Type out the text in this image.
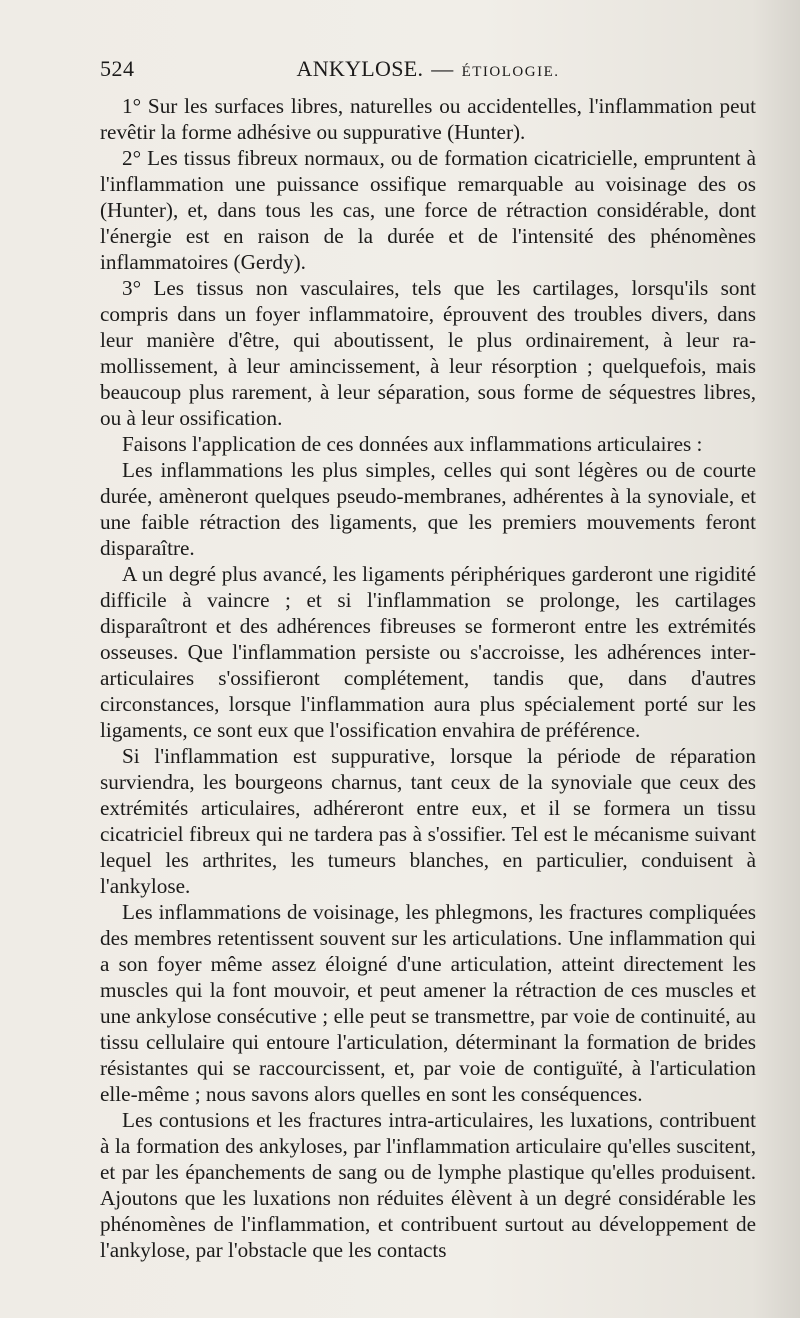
524	ANKYLOSE. — ÉTIOLOGIE.

1° Sur les surfaces libres, naturelles ou accidentelles, l'inflammation peut revêtir la forme adhésive ou suppurative (Hunter).

2° Les tissus fibreux normaux, ou de formation cicatricielle, empruntent à l'inflammation une puissance ossifique remarquable au voisinage des os (Hunter), et, dans tous les cas, une force de rétraction considérable, dont l'énergie est en raison de la durée et de l'intensité des phénomènes inflammatoires (Gerdy).

3° Les tissus non vasculaires, tels que les cartilages, lorsqu'ils sont compris dans un foyer inflammatoire, éprouvent des troubles divers, dans leur manière d'être, qui aboutissent, le plus ordinairement, à leur ramollissement, à leur amincissement, à leur résorption ; quelquefois, mais beaucoup plus rarement, à leur séparation, sous forme de séquestres libres, ou à leur ossification.

Faisons l'application de ces données aux inflammations articulaires :

Les inflammations les plus simples, celles qui sont légères ou de courte durée, amèneront quelques pseudo-membranes, adhérentes à la synoviale, et une faible rétraction des ligaments, que les premiers mouvements feront disparaître.

A un degré plus avancé, les ligaments périphériques garderont une rigidité difficile à vaincre ; et si l'inflammation se prolonge, les cartilages disparaîtront et des adhérences fibreuses se formeront entre les extrémités osseuses. Que l'inflammation persiste ou s'accroisse, les adhérences inter-articulaires s'ossifieront complétement, tandis que, dans d'autres circonstances, lorsque l'inflammation aura plus spécialement porté sur les ligaments, ce sont eux que l'ossification envahira de préférence.

Si l'inflammation est suppurative, lorsque la période de réparation surviendra, les bourgeons charnus, tant ceux de la synoviale que ceux des extrémités articulaires, adhéreront entre eux, et il se formera un tissu cicatriciel fibreux qui ne tardera pas à s'ossifier. Tel est le mécanisme suivant lequel les arthrites, les tumeurs blanches, en particulier, conduisent à l'ankylose.

Les inflammations de voisinage, les phlegmons, les fractures compliquées des membres retentissent souvent sur les articulations. Une inflammation qui a son foyer même assez éloigné d'une articulation, atteint directement les muscles qui la font mouvoir, et peut amener la rétraction de ces muscles et une ankylose consécutive ; elle peut se transmettre, par voie de continuité, au tissu cellulaire qui entoure l'articulation, déterminant la formation de brides résistantes qui se raccourcissent, et, par voie de contiguïté, à l'articulation elle-même ; nous savons alors quelles en sont les conséquences.

Les contusions et les fractures intra-articulaires, les luxations, contribuent à la formation des ankyloses, par l'inflammation articulaire qu'elles suscitent, et par les épanchements de sang ou de lymphe plastique qu'elles produisent. Ajoutons que les luxations non réduites élèvent à un degré considérable les phénomènes de l'inflammation, et contribuent surtout au développement de l'ankylose, par l'obstacle que les contacts
